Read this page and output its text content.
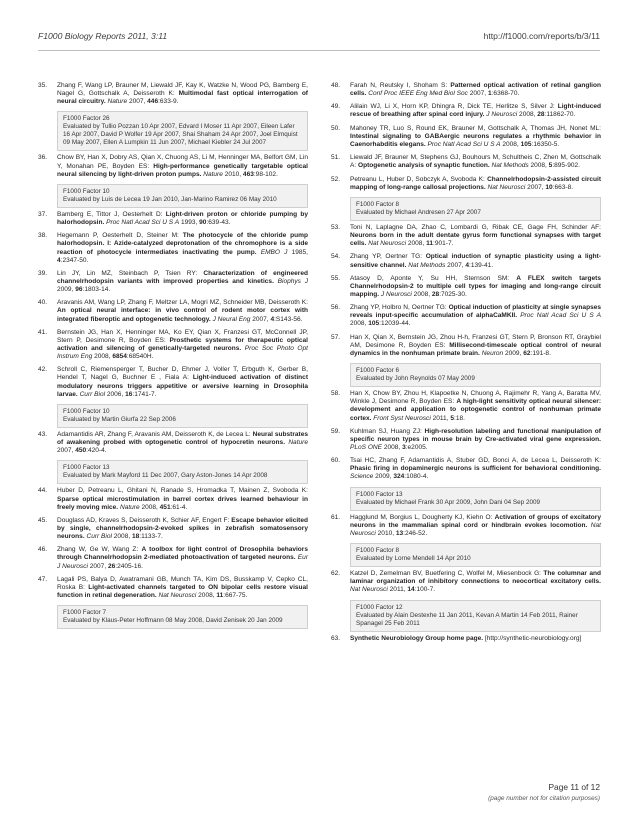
F1000 Biology Reports 2011, 3:11	http://f1000.com/reports/b/3/11
35.	Zhang F, Wang LP, Brauner M, Liewald JF, Kay K, Watzke N, Wood PG, Bamberg E, Nagel G, Gottschalk A, Deisseroth K: Multimodal fast optical interrogation of neural circuitry. Nature 2007, 446:633-9.
F1000 Factor 26
Evaluated by Tullio Pozzan 10 Apr 2007, Edvard I Moser 11 Apr 2007, Eileen Lafer 16 Apr 2007, David P Wolfer 19 Apr 2007, Shai Shaham 24 Apr 2007, Joel Elmquist 09 May 2007, Ellen A Lumpkin 11 Jun 2007, Michael Kiebler 24 Jul 2007
36.	Chow BY, Han X, Dobry AS, Qian X, Chuong AS, Li M, Henninger MA, Belfort GM, Lin Y, Monahan PE, Boyden ES: High-performance genetically targetable optical neural silencing by light-driven proton pumps. Nature 2010, 463:98-102.
F1000 Factor 10
Evaluated by Luis de Lecea 19 Jan 2010, Jan-Marino Ramirez 06 May 2010
37.	Bamberg E, Tittor J, Oesterhelt D: Light-driven proton or chloride pumping by halorhodopsin. Proc Natl Acad Sci U S A 1993, 90:639-43.
38.	Hegemann P, Oesterhelt D, Steiner M: The photocycle of the chloride pump halorhodopsin. I: Azide-catalyzed deprotonation of the chromophore is a side reaction of photocycle intermediates inactivating the pump. EMBO J 1985, 4:2347-50.
39.	Lin JY, Lin MZ, Steinbach P, Tsien RY: Characterization of engineered channelrhodopsin variants with improved properties and kinetics. Biophys J 2009, 96:1803-14.
40.	Aravanis AM, Wang LP, Zhang F, Meltzer LA, Mogri MZ, Schneider MB, Deisseroth K: An optical neural interface: in vivo control of rodent motor cortex with integrated fiberoptic and optogenetic technology. J Neural Eng 2007, 4:S143-56.
41.	Bernstein JG, Han X, Henninger MA, Ko EY, Qian X, Franzesi GT, McConnell JP, Stern P, Desimone R, Boyden ES: Prosthetic systems for therapeutic optical activation and silencing of genetically-targeted neurons. Proc Soc Photo Opt Instrum Eng 2008, 6854:68540H.
42.	Schroll C, Riemensperger T, Bucher D, Ehmer J, Voller T, Erbguth K, Gerber B, Hendel T, Nagel G, Buchner E , Fiala A: Light-induced activation of distinct modulatory neurons triggers appetitive or aversive learning in Drosophila larvae. Curr Biol 2006, 16:1741-7.
F1000 Factor 10
Evaluated by Martin Giurfa 22 Sep 2006
43.	Adamantidis AR, Zhang F, Aravanis AM, Deisseroth K, de Lecea L: Neural substrates of awakening probed with optogenetic control of hypocretin neurons. Nature 2007, 450:420-4.
F1000 Factor 13
Evaluated by Mark Mayford 11 Dec 2007, Gary Aston-Jones 14 Apr 2008
44.	Huber D, Petreanu L, Ghitani N, Ranade S, Hromadka T, Mainen Z, Svoboda K: Sparse optical microstimulation in barrel cortex drives learned behaviour in freely moving mice. Nature 2008, 451:61-4.
45.	Douglass AD, Kraves S, Deisseroth K, Schier AF, Engert F: Escape behavior elicited by single, channelrhodopsin-2-evoked spikes in zebrafish somatosensory neurons. Curr Biol 2008, 18:1133-7.
46.	Zhang W, Ge W, Wang Z: A toolbox for light control of Drosophila behaviors through Channelrhodopsin 2-mediated photoactivation of targeted neurons. Eur J Neurosci 2007, 26:2405-16.
47.	Lagali PS, Balya D, Awatramani GB, Munch TA, Kim DS, Busskamp V, Cepko CL, Roska B: Light-activated channels targeted to ON bipolar cells restore visual function in retinal degeneration. Nat Neurosci 2008, 11:667-75.
F1000 Factor 7
Evaluated by Klaus-Peter Hoffmann 08 May 2008, David Zenisek 20 Jan 2009
48.	Farah N, Reutsky I, Shoham S: Patterned optical activation of retinal ganglion cells. Conf Proc IEEE Eng Med Biol Soc 2007, 1:6368-70.
49.	Alilain WJ, Li X, Horn KP, Dhingra R, Dick TE, Herlitze S, Silver J: Light-induced rescue of breathing after spinal cord injury. J Neurosci 2008, 28:11862-70.
50.	Mahoney TR, Luo S, Round EK, Brauner M, Gottschalk A, Thomas JH, Nonet ML: Intestinal signaling to GABAergic neurons regulates a rhythmic behavior in Caenorhabditis elegans. Proc Natl Acad Sci U S A 2008, 105:16350-5.
51.	Liewald JF, Brauner M, Stephens GJ, Bouhours M, Schultheis C, Zhen M, Gottschalk A: Optogenetic analysis of synaptic function. Nat Methods 2008, 5:895-902.
52.	Petreanu L, Huber D, Sobczyk A, Svoboda K: Channelrhodopsin-2-assisted circuit mapping of long-range callosal projections. Nat Neurosci 2007, 10:663-8.
F1000 Factor 8
Evaluated by Michael Andresen 27 Apr 2007
53.	Toni N, Laplagne DA, Zhao C, Lombardi G, Ribak CE, Gage FH, Schinder AF: Neurons born in the adult dentate gyrus form functional synapses with target cells. Nat Neurosci 2008, 11:901-7.
54.	Zhang YP, Oertner TG: Optical induction of synaptic plasticity using a light-sensitive channel. Nat Methods 2007, 4:139-41.
55.	Atasoy D, Aponte Y, Su HH, Sternson SM: A FLEX switch targets Channelrhodopsin-2 to multiple cell types for imaging and long-range circuit mapping. J Neurosci 2008, 28:7025-30.
56.	Zhang YP, Holbro N, Oertner TG: Optical induction of plasticity at single synapses reveals input-specific accumulation of alphaCaMKII. Proc Natl Acad Sci U S A 2008, 105:12039-44.
57.	Han X, Qian X, Bernstein JG, Zhou H-h, Franzesi GT, Stern P, Bronson RT, Graybiel AM, Desimone R, Boyden ES: Millisecond-timescale optical control of neural dynamics in the nonhuman primate brain. Neuron 2009, 62:191-8.
F1000 Factor 6
Evaluated by John Reynolds 07 May 2009
58.	Han X, Chow BY, Zhou H, Klapoetke N, Chuong A, Rajimehr R, Yang A, Baratta MV, Winkle J, Desimone R, Boyden ES: A high-light sensitivity optical neural silencer: development and application to optogenetic control of nonhuman primate cortex. Front Syst Neurosci 2011, 5:18.
59.	Kuhlman SJ, Huang ZJ: High-resolution labeling and functional manipulation of specific neuron types in mouse brain by Cre-activated viral gene expression. PLoS ONE 2008, 3:e2005.
60.	Tsai HC, Zhang F, Adamantidis A, Stuber GD, Bonci A, de Lecea L, Deisseroth K: Phasic firing in dopaminergic neurons is sufficient for behavioral conditioning. Science 2009, 324:1080-4.
F1000 Factor 13
Evaluated by Michael Frank 30 Apr 2009, John Dani 04 Sep 2009
61.	Hagglund M, Borgius L, Dougherty KJ, Kiehn O: Activation of groups of excitatory neurons in the mammalian spinal cord or hindbrain evokes locomotion. Nat Neurosci 2010, 13:246-52.
F1000 Factor 8
Evaluated by Lorne Mendell 14 Apr 2010
62.	Katzel D, Zemelman BV, Buetfering C, Wolfel M, Miesenbock G: The columnar and laminar organization of inhibitory connections to neocortical excitatory cells. Nat Neurosci 2011, 14:100-7.
F1000 Factor 12
Evaluated by Alain Destexhe 11 Jan 2011, Kevan A Martin 14 Feb 2011, Rainer Spanagel 25 Feb 2011
63.	Synthetic Neurobiology Group home page. [http://synthetic-neurobiology.org]
Page 11 of 12
(page number not for citation purposes)
